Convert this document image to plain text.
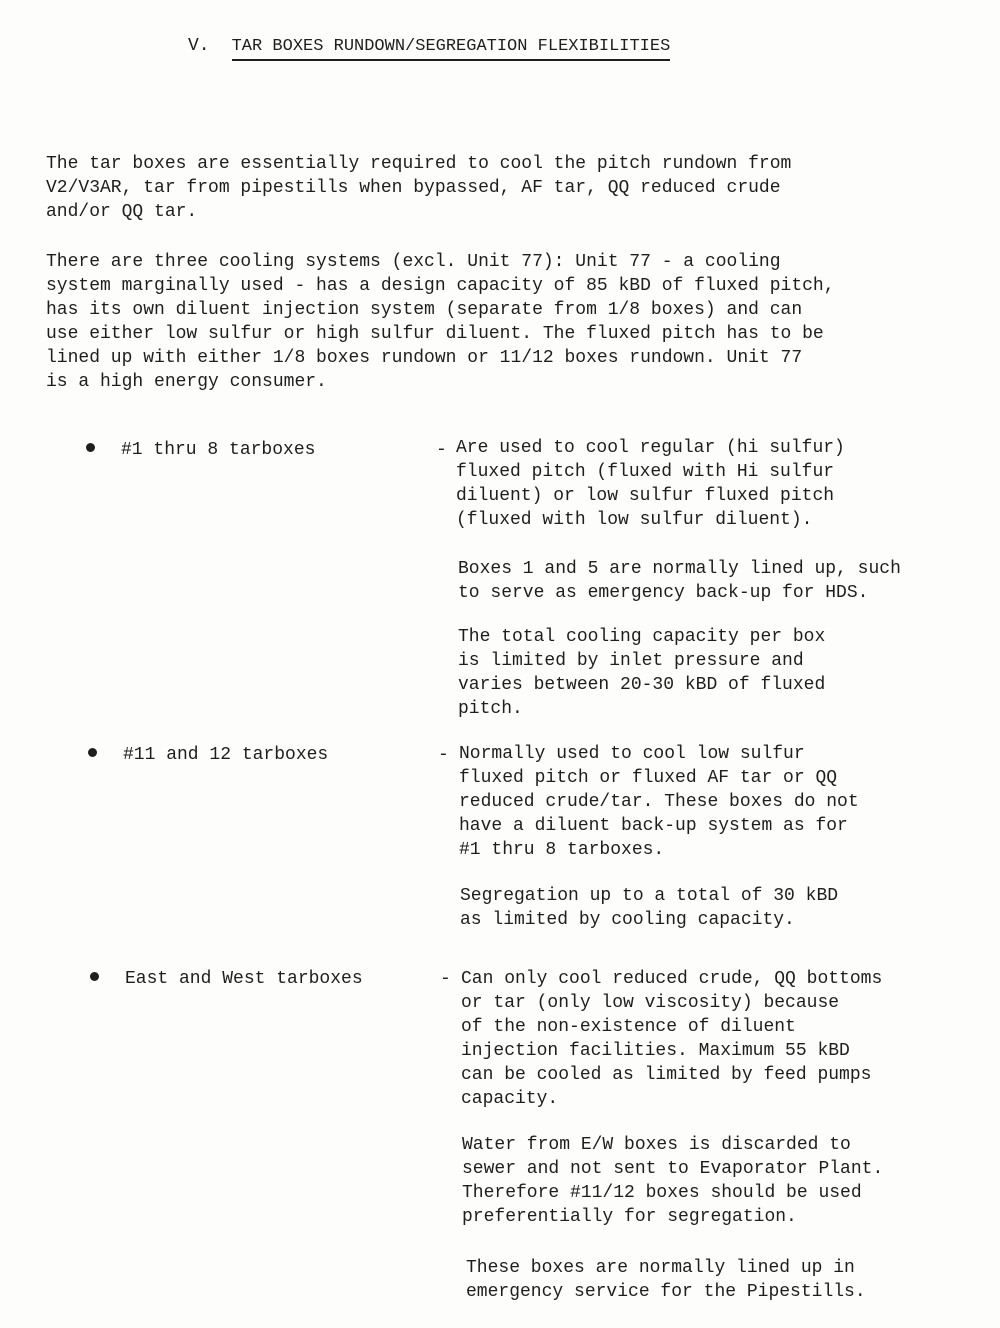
V. TAR BOXES RUNDOWN/SEGREGATION FLEXIBILITIES
The tar boxes are essentially required to cool the pitch rundown from
V2/V3AR, tar from pipestills when bypassed, AF tar, QQ reduced crude
and/or QQ tar.
There are three cooling systems (excl. Unit 77): Unit 77 - a cooling
system marginally used - has a design capacity of 85 kBD of fluxed pitch,
has its own diluent injection system (separate from 1/8 boxes) and can
use either low sulfur or high sulfur diluent. The fluxed pitch has to be
lined up with either 1/8 boxes rundown or 11/12 boxes rundown. Unit 77
is a high energy consumer.
#1 thru 8 tarboxes	- Are used to cool regular (hi sulfur)
fluxed pitch (fluxed with Hi sulfur
diluent) or low sulfur fluxed pitch
(fluxed with low sulfur diluent).
Boxes 1 and 5 are normally lined up, such
to serve as emergency back-up for HDS.
The total cooling capacity per box
is limited by inlet pressure and
varies between 20-30 kBD of fluxed
pitch.
#11 and 12 tarboxes	- Normally used to cool low sulfur
fluxed pitch or fluxed AF tar or QQ
reduced crude/tar. These boxes do not
have a diluent back-up system as for
#1 thru 8 tarboxes.
Segregation up to a total of 30 kBD
as limited by cooling capacity.
East and West tarboxes	- Can only cool reduced crude, QQ bottoms
or tar (only low viscosity) because
of the non-existence of diluent
injection facilities. Maximum 55 kBD
can be cooled as limited by feed pumps
capacity.
Water from E/W boxes is discarded to
sewer and not sent to Evaporator Plant.
Therefore #11/12 boxes should be used
preferentially for segregation.
These boxes are normally lined up in
emergency service for the Pipestills.
